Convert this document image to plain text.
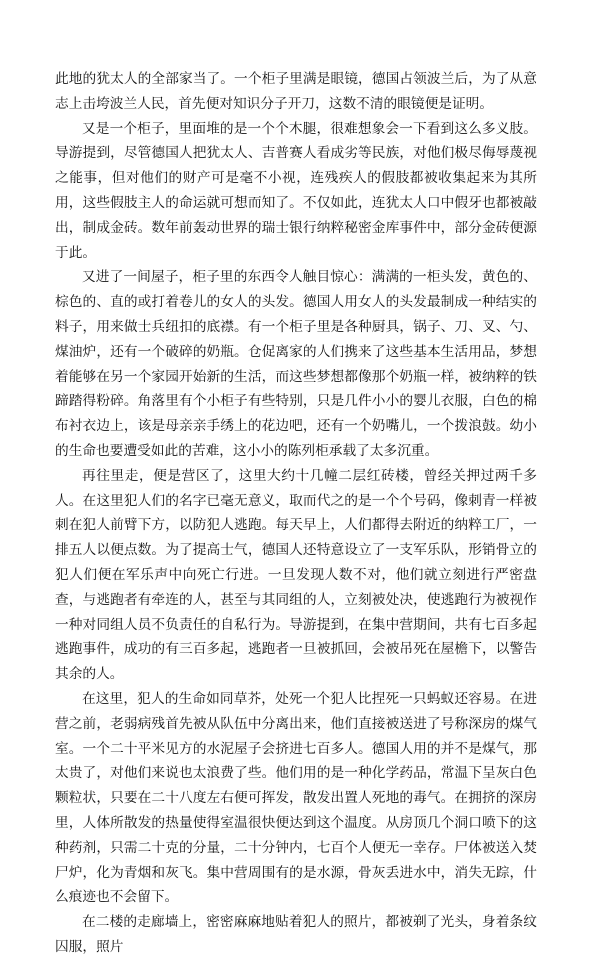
此地的犹太人的全部家当了。一个柜子里满是眼镜，德国占领波兰后，为了从意志上击垮波兰人民，首先便对知识分子开刀，这数不清的眼镜便是证明。

又是一个柜子，里面堆的是一个个木腿，很难想象会一下看到这么多义肢。导游提到，尽管德国人把犹太人、吉普赛人看成劣等民族，对他们极尽侮辱蔑视之能事，但对他们的财产可是毫不小视，连残疾人的假肢都被收集起来为其所用，这些假肢主人的命运就可想而知了。不仅如此，连犹太人口中假牙也都被敲出，制成金砖。数年前轰动世界的瑞士银行纳粹秘密金库事件中，部分金砖便源于此。

又进了一间屋子，柜子里的东西令人触目惊心：满满的一柜头发，黄色的、棕色的、直的或打着卷儿的女人的头发。德国人用女人的头发最制成一种结实的料子，用来做士兵纽扣的底襟。有一个柜子里是各种厨具，锅子、刀、叉、勺、煤油炉，还有一个破碎的奶瓶。仓促离家的人们携来了这些基本生活用品，梦想着能够在另一个家园开始新的生活，而这些梦想都像那个奶瓶一样，被纳粹的铁蹄踏得粉碎。角落里有个小柜子有些特别，只是几件小小的婴儿衣服，白色的棉布衬衣边上，该是母亲亲手绣上的花边吧，还有一个奶嘴儿，一个拨浪鼓。幼小的生命也要遭受如此的苦难，这小小的陈列柜承载了太多沉重。

再往里走，便是营区了，这里大约十几幢二层红砖楼，曾经关押过两千多人。在这里犯人们的名字已毫无意义，取而代之的是一个个号码，像刺青一样被刺在犯人前臂下方，以防犯人逃跑。每天早上，人们都得去附近的纳粹工厂，一排五人以便点数。为了提高士气，德国人还特意设立了一支军乐队，形销骨立的犯人们便在军乐声中向死亡行进。一旦发现人数不对，他们就立刻进行严密盘查，与逃跑者有牵连的人，甚至与其同组的人，立刻被处决，使逃跑行为被视作一种对同组人员不负责任的自私行为。导游提到，在集中营期间，共有七百多起逃跑事件，成功的有三百多起，逃跑者一旦被抓回，会被吊死在屋檐下，以警告其余的人。

在这里，犯人的生命如同草芥，处死一个犯人比捏死一只蚂蚁还容易。在进营之前，老弱病残首先被从队伍中分离出来，他们直接被送进了号称深房的煤气室。一个二十平米见方的水泥屋子会挤进七百多人。德国人用的并不是煤气，那太贵了，对他们来说也太浪费了些。他们用的是一种化学药品，常温下呈灰白色颗粒状，只要在二十八度左右便可挥发，散发出置人死地的毒气。在拥挤的深房里，人体所散发的热量使得室温很快便达到这个温度。从房顶几个洞口喷下的这种药剂，只需二十克的分量，二十分钟内，七百个人便无一幸存。尸体被送入焚尸炉，化为青烟和灰飞。集中营周围有的是水源，骨灰丢进水中，消失无踪，什么痕迹也不会留下。

在二楼的走廊墙上，密密麻麻地贴着犯人的照片，都被剃了光头，身着条纹囚服，照片
